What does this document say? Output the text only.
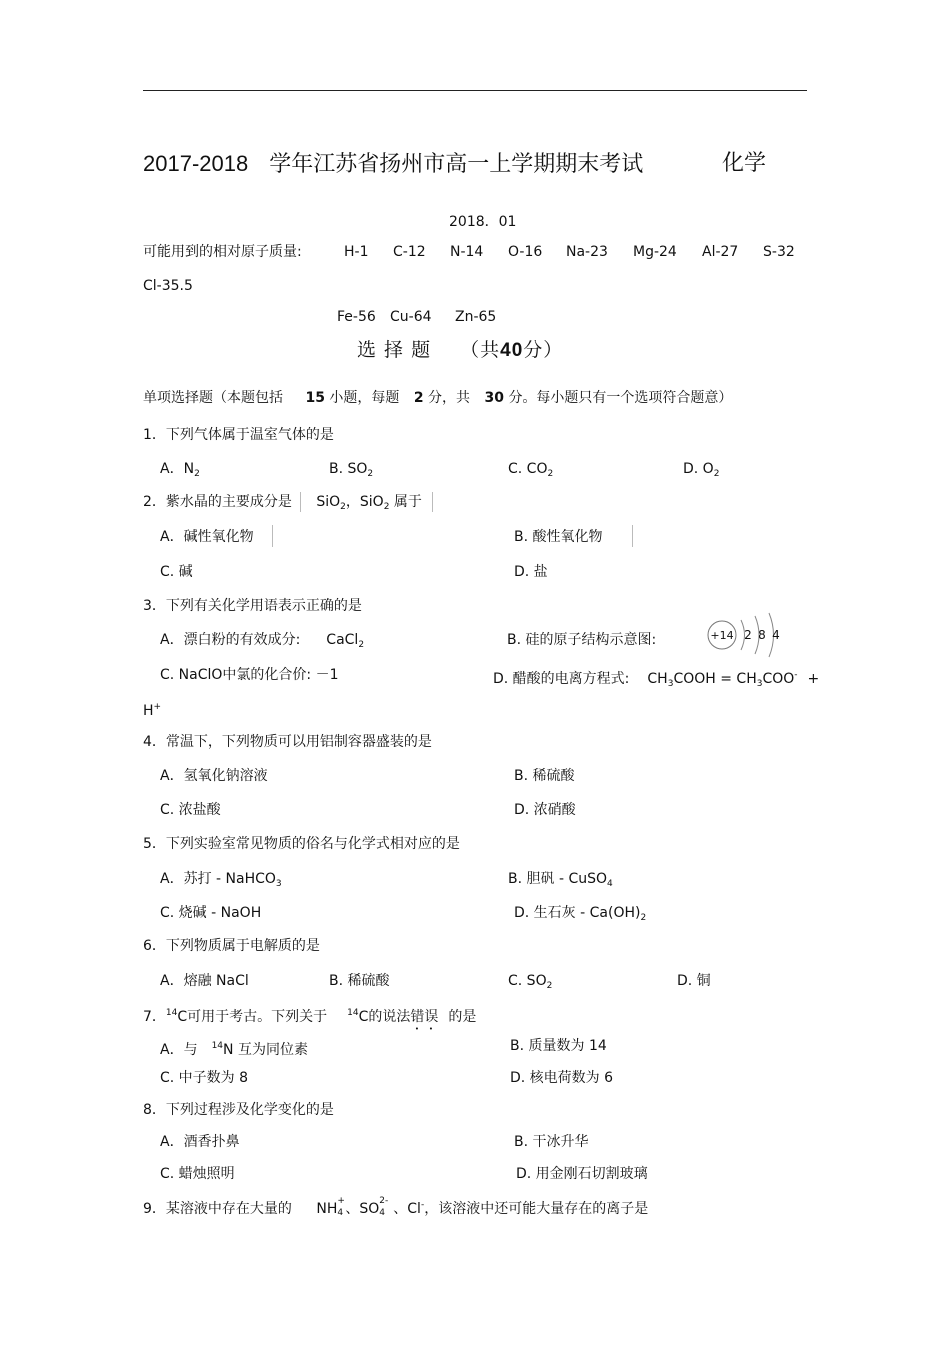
2017-2018 学年江苏省扬州市高一上学期期末考试	化学
2018．01
可能用到的相对原子质量:	H-1 C-12 N-14 O-16 Na-23 Mg-24 Al-27 S-32
Cl-35.5
Fe-56 Cu-64 Zn-65
选 择 题 （共40分）
单项选择题（本题包括 15 小题，每题 2 分，共 30 分。每小题只有一个选项符合题意）
1．下列气体属于温室气体的是
A．$N_2$	B. $SO_2$	C. $CO_2$	D. $O_2$
2．紫水晶的主要成分是 SiO$_2$，SiO$_2$ 属于
A．碱性氧化物	B. 酸性氧化物
C. 碱	D. 盐
3．下列有关化学用语表示正确的是
A．漂白粉的有效成分: CaCl$_2$	B. 硅的原子结构示意图:	+14 2 8 4
C. NaClO中氯的化合价: －1	D. 醋酸的电离方程式: $CH_3COOH = CH_3COO^-$ +
H+
4．常温下，下列物质可以用铝制容器盛装的是
A．氢氧化钠溶液	B. 稀硫酸
C. 浓盐酸	D. 浓硝酸
5．下列实验室常见物质的俗名与化学式相对应的是
A．苏打 - NaHCO$_3$	B. 胆矾 - CuSO$_4$
C. 烧碱 - NaOH	D. 生石灰 - $Ca(OH)_2$
6．下列物质属于电解质的是
A．熔融 NaCl	B. 稀硫酸	C. $SO_2$	D. 铜
7．$^{14}$C可用于考古。下列关于 $^{14}$C的说法错误 的是
A．与 $^{14}$N 互为同位素	B. 质量数为 14
C. 中子数为 8	D. 核电荷数为 6
8．下列过程涉及化学变化的是
A．酒香扑鼻	B. 干冰升华
C. 蜡烛照明	D. 用金刚石切割玻璃
9．某溶液中存在大量的 NH +
4 、SO 2-
4 、Cl-，该溶液中还可能大量存在的离子是
